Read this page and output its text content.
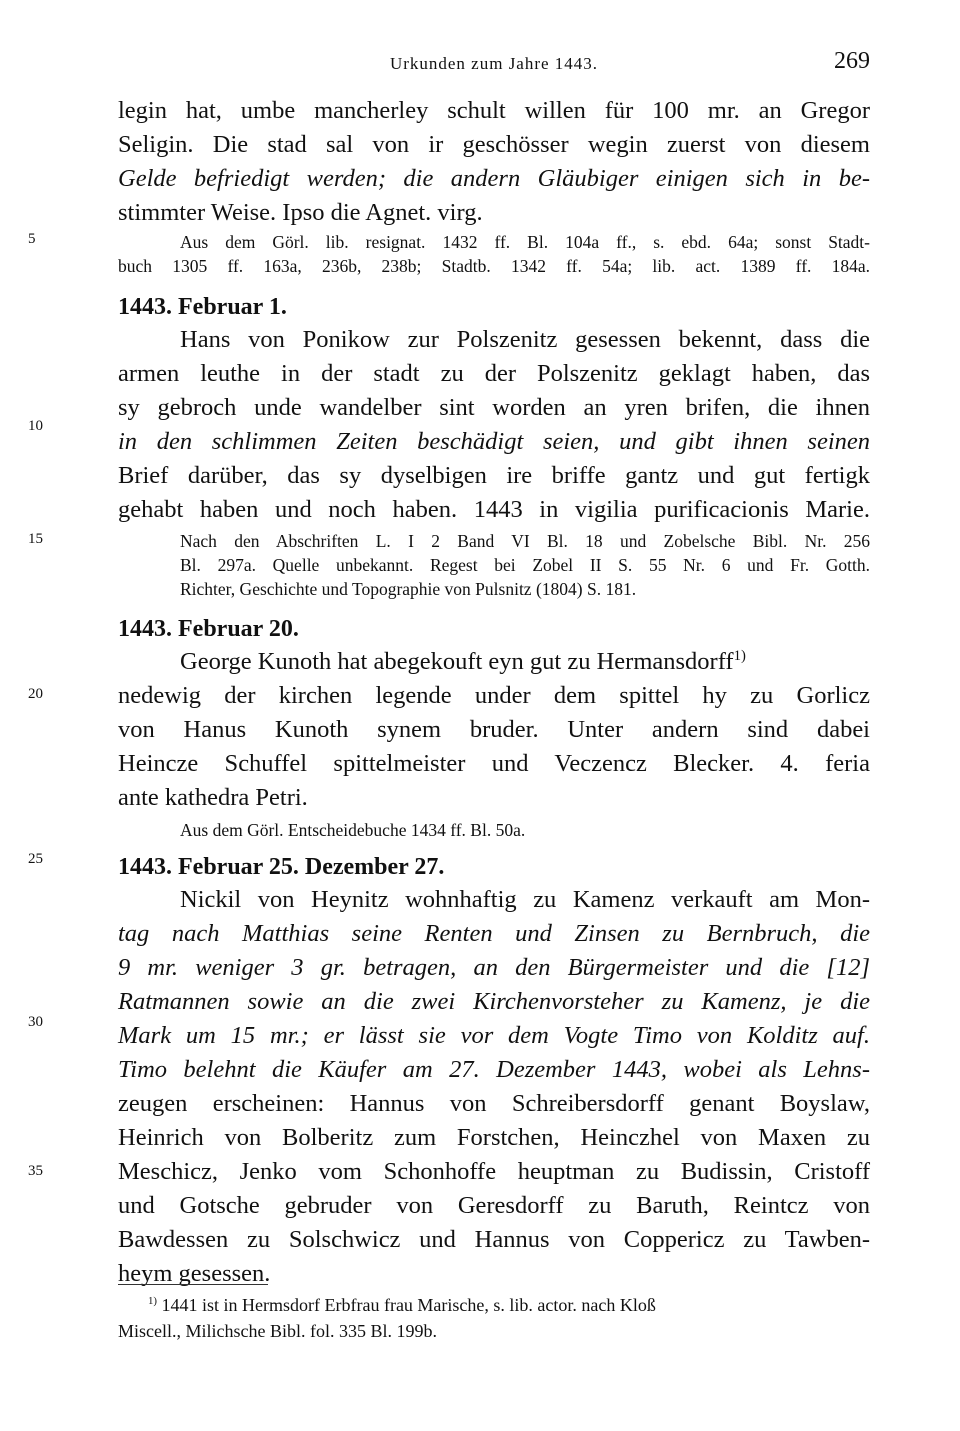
Urkunden zum Jahre 1443.	269
5
10
15
20
25
30
35
legin hat, umbe mancherley schult willen für 100 mr. an Gregor
Seligin. Die stad sal von ir geschösser wegin zuerst von diesem
Gelde befriedigt werden; die andern Gläubiger einigen sich in be-
stimmter Weise. Ipso die Agnet. virg.
Aus dem Görl. lib. resignat. 1432 ff. Bl. 104a ff., s. ebd. 64a; sonst Stadt-
buch 1305 ff. 163a, 236b, 238b; Stadtb. 1342 ff. 54a; lib. act. 1389 ff. 184a.
1443. Februar 1.
Hans von Ponikow zur Polszenitz gesessen bekennt, dass die
armen leuthe in der stadt zu der Polszenitz geklagt haben, das
sy gebroch unde wandelber sint worden an yren brifen, die ihnen
in den schlimmen Zeiten beschädigt seien, und gibt ihnen seinen
Brief darüber, das sy dyselbigen ire briffe gantz und gut fertigk
gehabt haben und noch haben. 1443 in vigilia purificacionis Marie.
Nach den Abschriften L. I 2 Band VI Bl. 18 und Zobelsche Bibl. Nr. 256
Bl. 297a. Quelle unbekannt. Regest bei Zobel II S. 55 Nr. 6 und Fr. Gotth.
Richter, Geschichte und Topographie von Pulsnitz (1804) S. 181.
1443. Februar 20.
George Kunoth hat abegekouft eyn gut zu Hermansdorff$^{1)}$
nedewig der kirchen legende under dem spittel hy zu Gorlicz
von Hanus Kunoth synem bruder. Unter andern sind dabei
Heincze Schuffel spittelmeister und Veczencz Blecker. 4. feria
ante kathedra Petri.
Aus dem Görl. Entscheidebuche 1434 ff. Bl. 50a.
1443. Februar 25. Dezember 27.
Nickil von Heynitz wohnhaftig zu Kamenz verkauft am Mon-
tag nach Matthias seine Renten und Zinsen zu Bernbruch, die
9 mr. weniger 3 gr. betragen, an den Bürgermeister und die [12]
Ratmannen sowie an die zwei Kirchenvorsteher zu Kamenz, je die
Mark um 15 mr.; er lässt sie vor dem Vogte Timo von Kolditz auf.
Timo belehnt die Käufer am 27. Dezember 1443, wobei als Lehns-
zeugen erscheinen: Hannus von Schreibersdorff genant Boyslaw,
Heinrich von Bolberitz zum Forstchen, Heinczhel von Maxen zu
Meschicz, Jenko vom Schonhoffe heuptman zu Budissin, Cristoff
und Gotsche gebruder von Geresdorff zu Baruth, Reintcz von
Bawdessen zu Solschwicz und Hannus von Coppericz zu Tawben-
heym gesessen.
$^{1)}$ 1441 ist in Hermsdorf Erbfrau frau Marische, s. lib. actor. nach Kloß
Miscell., Milichsche Bibl. fol. 335 Bl. 199b.
